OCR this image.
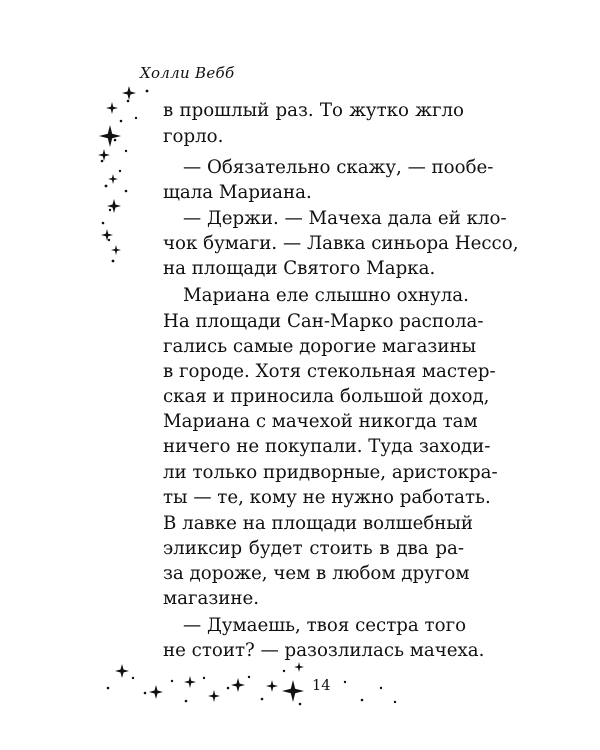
Холли Вебб
в прошлый раз. То жутко жгло
горло.
— Обязательно скажу, — пообе-
щала Мариана.
— Держи. — Мачеха дала ей кло-
чок бумаги. — Лавка синьора Нессо,
на площади Святого Марка.
Мариана еле слышно охнула.
На площади Сан-Марко распола-
гались самые дорогие магазины
в городе. Хотя стекольная мастер-
ская и приносила большой доход,
Мариана с мачехой никогда там
ничего не покупали. Туда заходи-
ли только придворные, аристокра-
ты — те, кому не нужно работать.
В лавке на площади волшебный
эликсир будет стоить в два ра-
за дороже, чем в любом другом
магазине.
— Думаешь, твоя сестра того
не стоит? — разозлилась мачеха.
14
